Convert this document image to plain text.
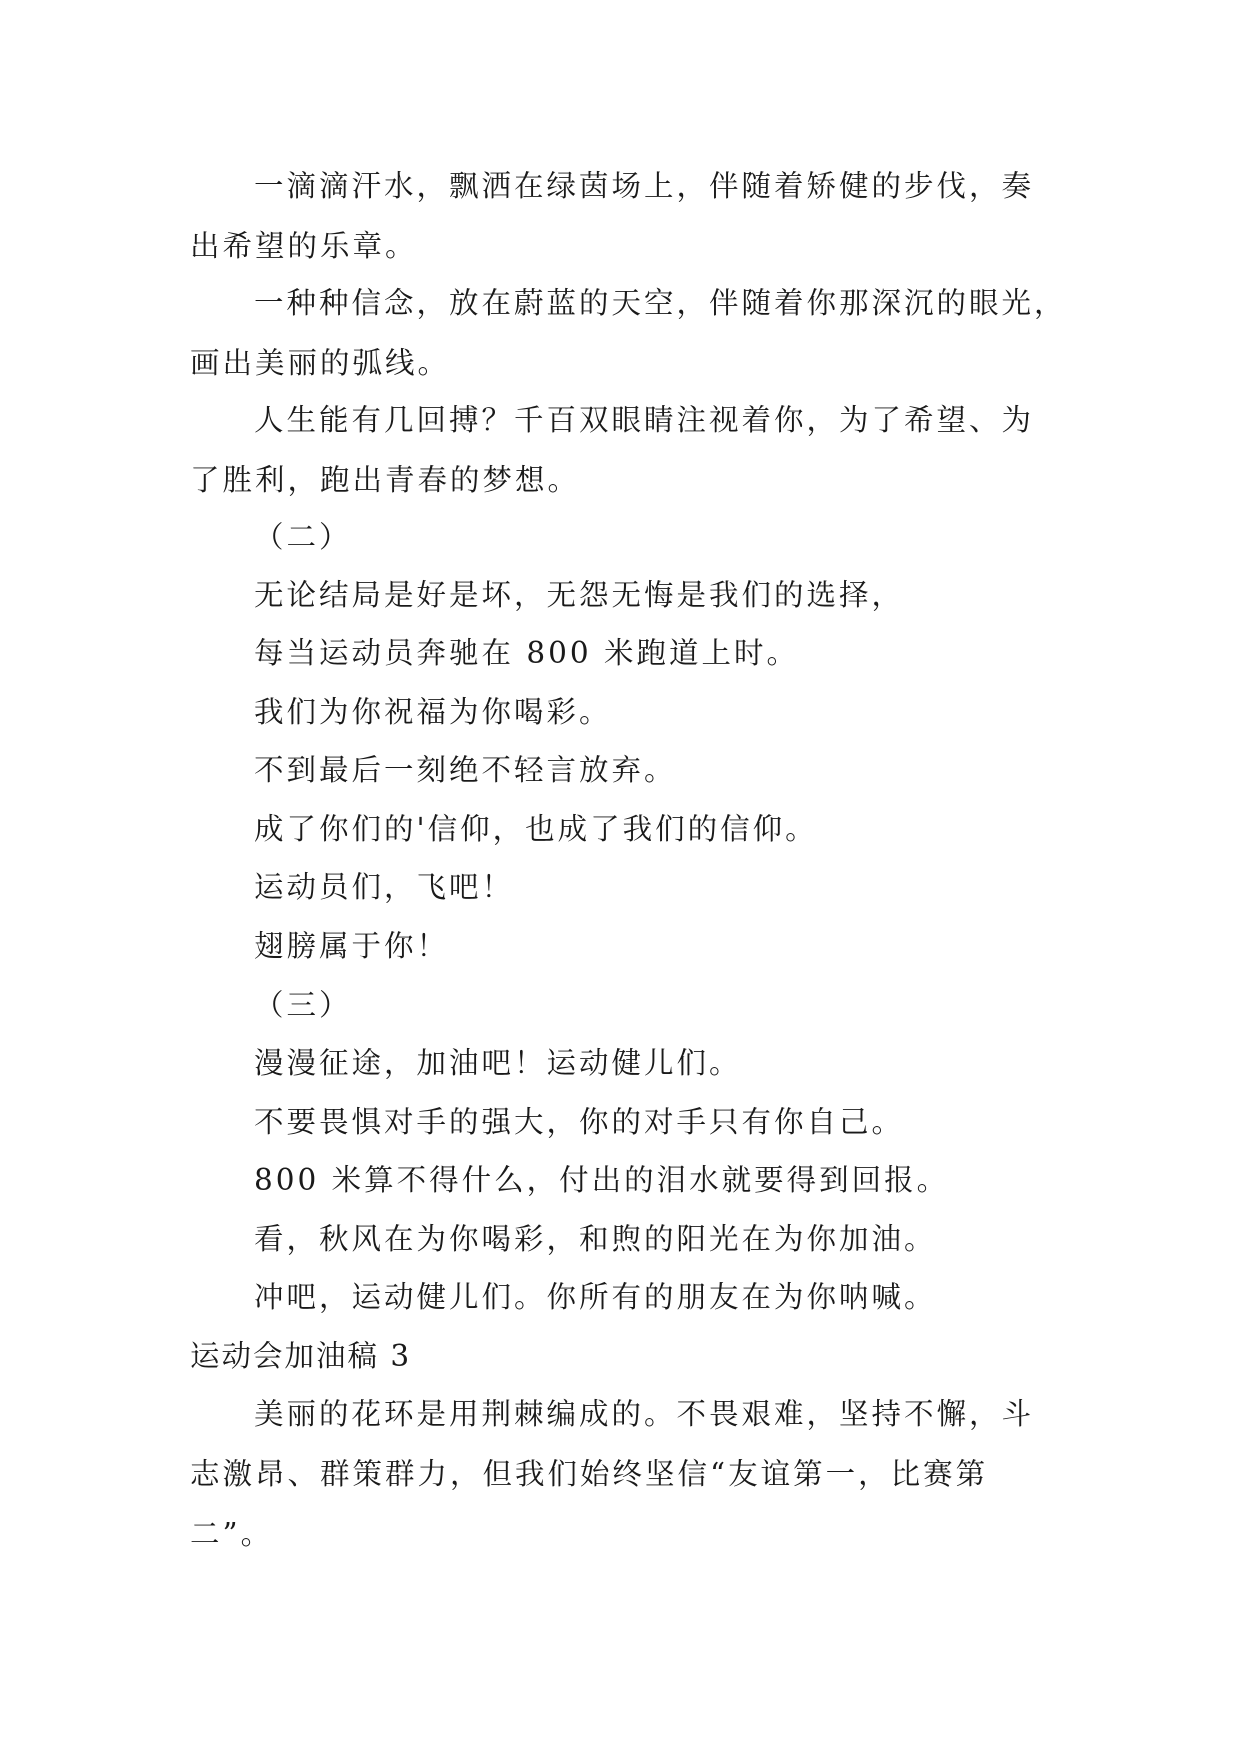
一滴滴汗水，飘洒在绿茵场上，伴随着矫健的步伐，奏
出希望的乐章。
一种种信念，放在蔚蓝的天空，伴随着你那深沉的眼光，
画出美丽的弧线。
人生能有几回搏？千百双眼睛注视着你，为了希望、为
了胜利，跑出青春的梦想。
（二）
无论结局是好是坏，无怨无悔是我们的选择，
每当运动员奔驰在 800 米跑道上时。
我们为你祝福为你喝彩。
不到最后一刻绝不轻言放弃。
成了你们的'信仰，也成了我们的信仰。
运动员们，飞吧！
翅膀属于你！
（三）
漫漫征途，加油吧！运动健儿们。
不要畏惧对手的强大，你的对手只有你自己。
800 米算不得什么，付出的泪水就要得到回报。
看，秋风在为你喝彩，和煦的阳光在为你加油。
冲吧，运动健儿们。你所有的朋友在为你呐喊。
运动会加油稿 3
美丽的花环是用荆棘编成的。不畏艰难，坚持不懈，斗
志激昂、群策群力，但我们始终坚信“友谊第一，比赛第
二”。
